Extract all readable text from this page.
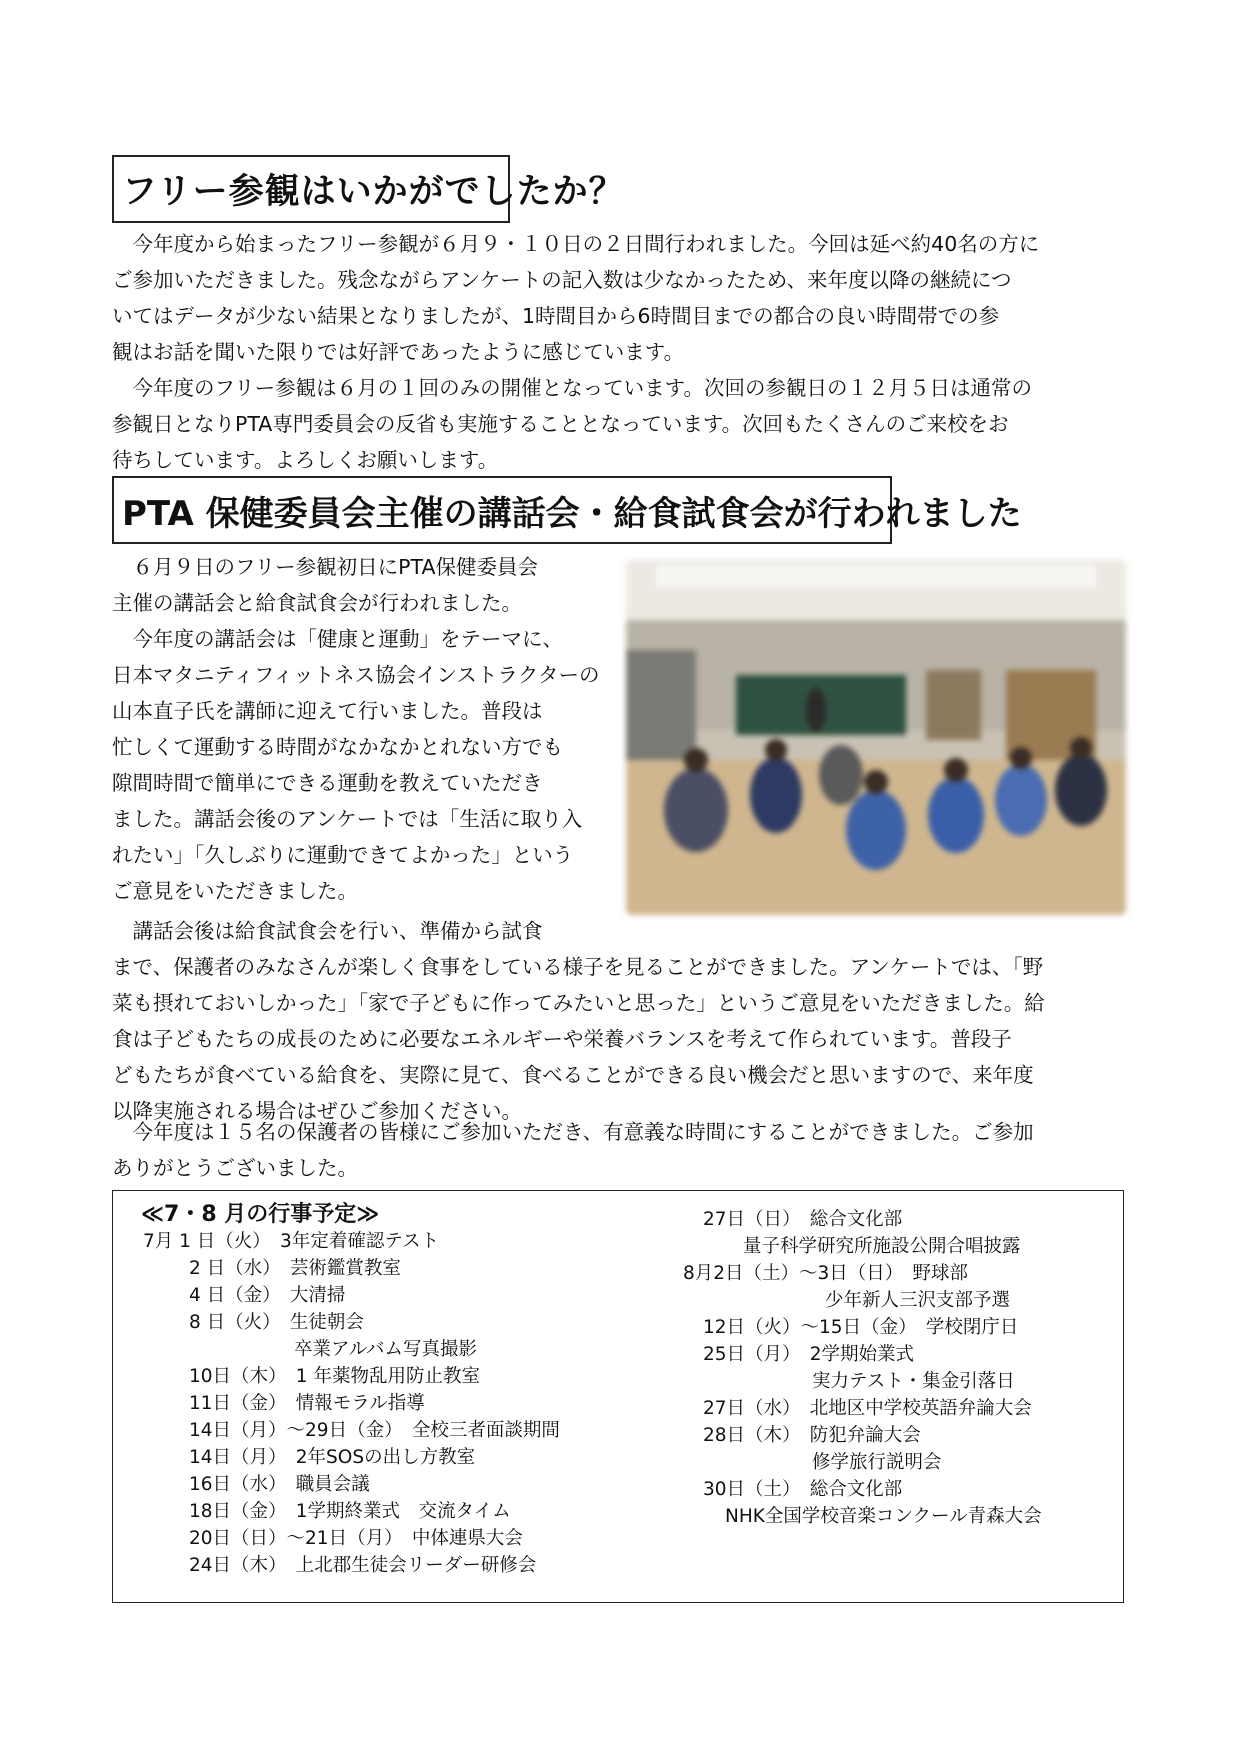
フリー参観はいかがでしたか？
　今年度から始まったフリー参観が６月９・１０日の２日間行われました。今回は延べ約40名の方に
ご参加いただきました。残念ながらアンケートの記入数は少なかったため、来年度以降の継続につ
いてはデータが少ない結果となりましたが、1時間目から6時間目までの都合の良い時間帯での参
観はお話を聞いた限りでは好評であったように感じています。
　今年度のフリー参観は６月の１回のみの開催となっています。次回の参観日の１２月５日は通常の
参観日となりPTA専門委員会の反省も実施することとなっています。次回もたくさんのご来校をお
待ちしています。よろしくお願いします。
PTA 保健委員会主催の講話会・給食試食会が行われました
　６月９日のフリー参観初日にPTA保健委員会
主催の講話会と給食試食会が行われました。
　今年度の講話会は「健康と運動」をテーマに、
日本マタニティフィットネス協会インストラクターの
山本直子氏を講師に迎えて行いました。普段は
忙しくて運動する時間がなかなかとれない方でも
隙間時間で簡単にできる運動を教えていただき
ました。講話会後のアンケートでは「生活に取り入
れたい」「久しぶりに運動できてよかった」という
ご意見をいただきました。
　講話会後は給食試食会を行い、準備から試食
まで、保護者のみなさんが楽しく食事をしている様子を見ることができました。アンケートでは、「野
菜も摂れておいしかった」「家で子どもに作ってみたいと思った」というご意見をいただきました。給
食は子どもたちの成長のために必要なエネルギーや栄養バランスを考えて作られています。普段子
どもたちが食べている給食を、実際に見て、食べることができる良い機会だと思いますので、来年度
以降実施される場合はぜひご参加ください。
　今年度は１５名の保護者の皆様にご参加いただき、有意義な時間にすることができました。ご参加
ありがとうございました。
≪7・8 月の行事予定≫
7月 1 日（火）　3年定着確認テスト
2 日（水）　芸術鑑賞教室
4 日（金）　大清掃
8 日（火）　生徒朝会
卒業アルバム写真撮影
10日（木）　1 年薬物乱用防止教室
11日（金）　情報モラル指導
14日（月）～29日（金）　全校三者面談期間
14日（月）　2年SOSの出し方教室
16日（水）　職員会議
18日（金）　1学期終業式　交流タイム
20日（日）～21日（月）　中体連県大会
24日（木）　上北郡生徒会リーダー研修会
27日（日）　総合文化部
量子科学研究所施設公開合唱披露
8月2日（土）～3日（日）　野球部
少年新人三沢支部予選
12日（火）～15日（金）　学校閉庁日
25日（月）　2学期始業式
実力テスト・集金引落日
27日（水）　北地区中学校英語弁論大会
28日（木）　防犯弁論大会
修学旅行説明会
30日（土）　総合文化部
NHK全国学校音楽コンクール青森大会
